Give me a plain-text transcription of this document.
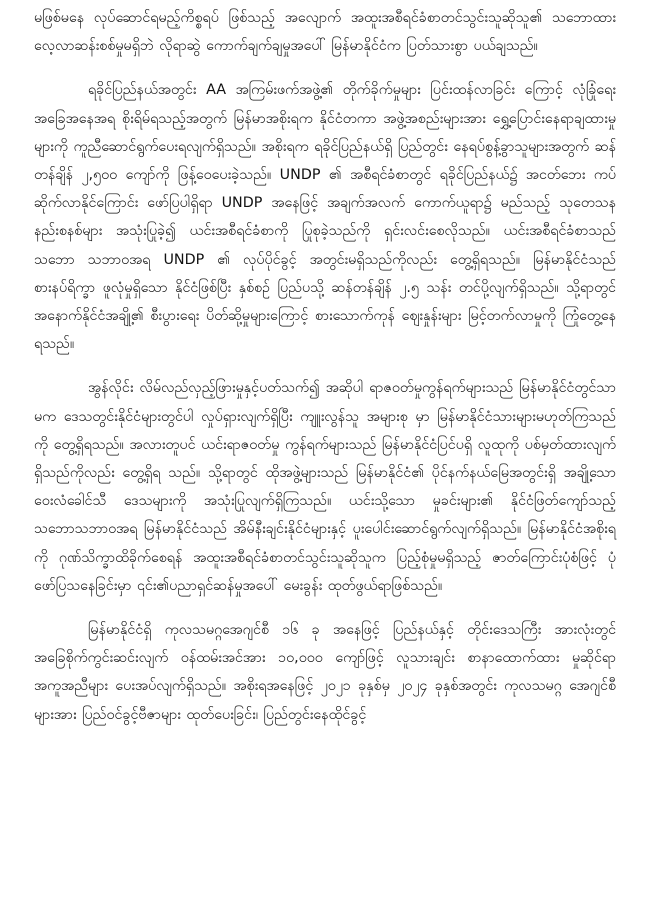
မဖြစ်မနေ လုပ်ဆောင်ရမည့်ကိစ္စရပ် ဖြစ်သည့် အလျောက် အထူးအစီရင်ခံစာတင်သွင်းသူဆိုသူ၏ သဘောထားလေ့လာဆန်းစစ်မှုမရှိဘဲ လိုရာဆွဲ ကောက်ချက်ချမှုအပေါ် မြန်မာနိုင်ငံက ပြတ်သားစွာ ပယ်ချသည်။

ရခိုင်ပြည်နယ်အတွင်း AA အကြမ်းဖက်အဖွဲ့၏ တိုက်ခိုက်မှုများ ပြင်းထန်လာခြင်း ကြောင့် လုံခြုံရေးအခြေအနေအရ စိုးရိမ်ရသည့်အတွက် မြန်မာအစိုးရက နိုင်ငံတကာ အဖွဲ့အစည်းများအား ရွှေ့ပြောင်းနေရာချထားမှုများကို ကူညီဆောင်ရွက်ပေးရလျက်ရှိသည်။ အစိုးရက ရခိုင်ပြည်နယ်ရှိ ပြည်တွင်း နေရပ်စွန့်ခွာသူများအတွက် ဆန်တန်ချိန် ၂,၅၀၀ ကျော်ကို ဖြန့်ဝေပေးခဲ့သည်။ UNDP ၏ အစီရင်ခံစာတွင် ရခိုင်ပြည်နယ်၌ အငတ်ဘေး ကပ်ဆိုက်လာနိုင်ကြောင်း ဖော်ပြပါရှိရာ UNDP အနေဖြင့် အချက်အလက် ကောက်ယူရာ၌ မည်သည့် သုတေသနနည်းစနစ်များ အသုံးပြုခဲ့၍ ယင်းအစီရင်ခံစာကို ပြုစုခဲ့သည်ကို ရှင်းလင်းစေလိုသည်။ ယင်းအစီရင်ခံစာသည် သဘော သဘာဝအရ UNDP ၏ လုပ်ပိုင်ခွင့် အတွင်းမရှိသည်ကိုလည်း တွေ့ရှိရသည်။ မြန်မာနိုင်ငံသည် စားနပ်ရိက္ခာ ဖူလုံမှုရှိသော နိုင်ငံဖြစ်ပြီး နှစ်စဉ် ပြည်ပသို့ ဆန်တန်ချိန် ၂.၅ သန်း တင်ပို့လျက်ရှိသည်။ သို့ရာတွင် အနောက်နိုင်ငံအချို့၏ စီးပွားရေး ပိတ်ဆို့မှုများကြောင့် စားသောက်ကုန် ဈေးနှုန်းများ မြင့်တက်လာမှုကို ကြုံတွေ့နေရသည်။

အွန်လိုင်း လိမ်လည်လှည့်ဖြားမှုနှင့်ပတ်သက်၍ အဆိုပါ ရာဇဝတ်မှုကွန်ရက်များသည် မြန်မာနိုင်ငံတွင်သာမက ဒေသတွင်းနိုင်ငံများတွင်ပါ လှုပ်ရှားလျက်ရှိပြီး ကျူးလွန်သူ အများစု မှာ မြန်မာနိုင်ငံသားများမဟုတ်ကြသည်ကို တွေ့ရှိရသည်။ အလားတူပင် ယင်းရာဇဝတ်မှု ကွန်ရက်များသည် မြန်မာနိုင်ငံပြင်ပရှိ လူထုကို ပစ်မှတ်ထားလျက်ရှိသည်ကိုလည်း တွေ့ရှိရ သည်။ သို့ရာတွင် ထိုအဖွဲ့များသည် မြန်မာနိုင်ငံ၏ ပိုင်နက်နယ်မြေအတွင်းရှိ အချို့သော ဝေးလံခေါင်သီ ဒေသများကို အသုံးပြုလျက်ရှိကြသည်။ ယင်းသို့သော မှုခင်းများ၏ နိုင်ငံဖြတ်ကျော်သည့် သဘောသဘာဝအရ မြန်မာနိုင်ငံသည် အိမ်နီးချင်းနိုင်ငံများနှင့် ပူးပေါင်းဆောင်ရွက်လျက်ရှိသည်။ မြန်မာနိုင်ငံအစိုးရကို ဂုဏ်သိက္ခာထိခိုက်စေရန် အထူးအစီရင်ခံစာတင်သွင်းသူဆိုသူက ပြည့်စုံမှုမရှိသည့် ဇာတ်ကြောင်းပုံစံဖြင့် ပုံဖော်ပြသနေခြင်းမှာ ၎င်း၏ပညာရှင်ဆန်မှုအပေါ် မေးခွန်း ထုတ်ဖွယ်ရာဖြစ်သည်။

မြန်မာနိုင်ငံရှိ ကုလသမဂ္ဂအေဂျင်စီ ၁၆ ခု အနေဖြင့် ပြည်နယ်နှင့် တိုင်းဒေသကြီး အားလုံးတွင် အခြေစိုက်ကွင်းဆင်းလျက် ဝန်ထမ်းအင်အား ၁၀,၀၀၀ ကျော်ဖြင့် လူသားချင်း စာနာထောက်ထား မှုဆိုင်ရာ အကူအညီများ ပေးအပ်လျက်ရှိသည်။ အစိုးရအနေဖြင့် ၂၀၂၁ ခုနှစ်မှ ၂၀၂၄ ခုနှစ်အတွင်း ကုလသမဂ္ဂ အေဂျင်စီများအား ပြည်ဝင်ခွင့်ဗီဇာများ ထုတ်ပေးခြင်း၊ ပြည်တွင်းနေထိုင်ခွင့်
